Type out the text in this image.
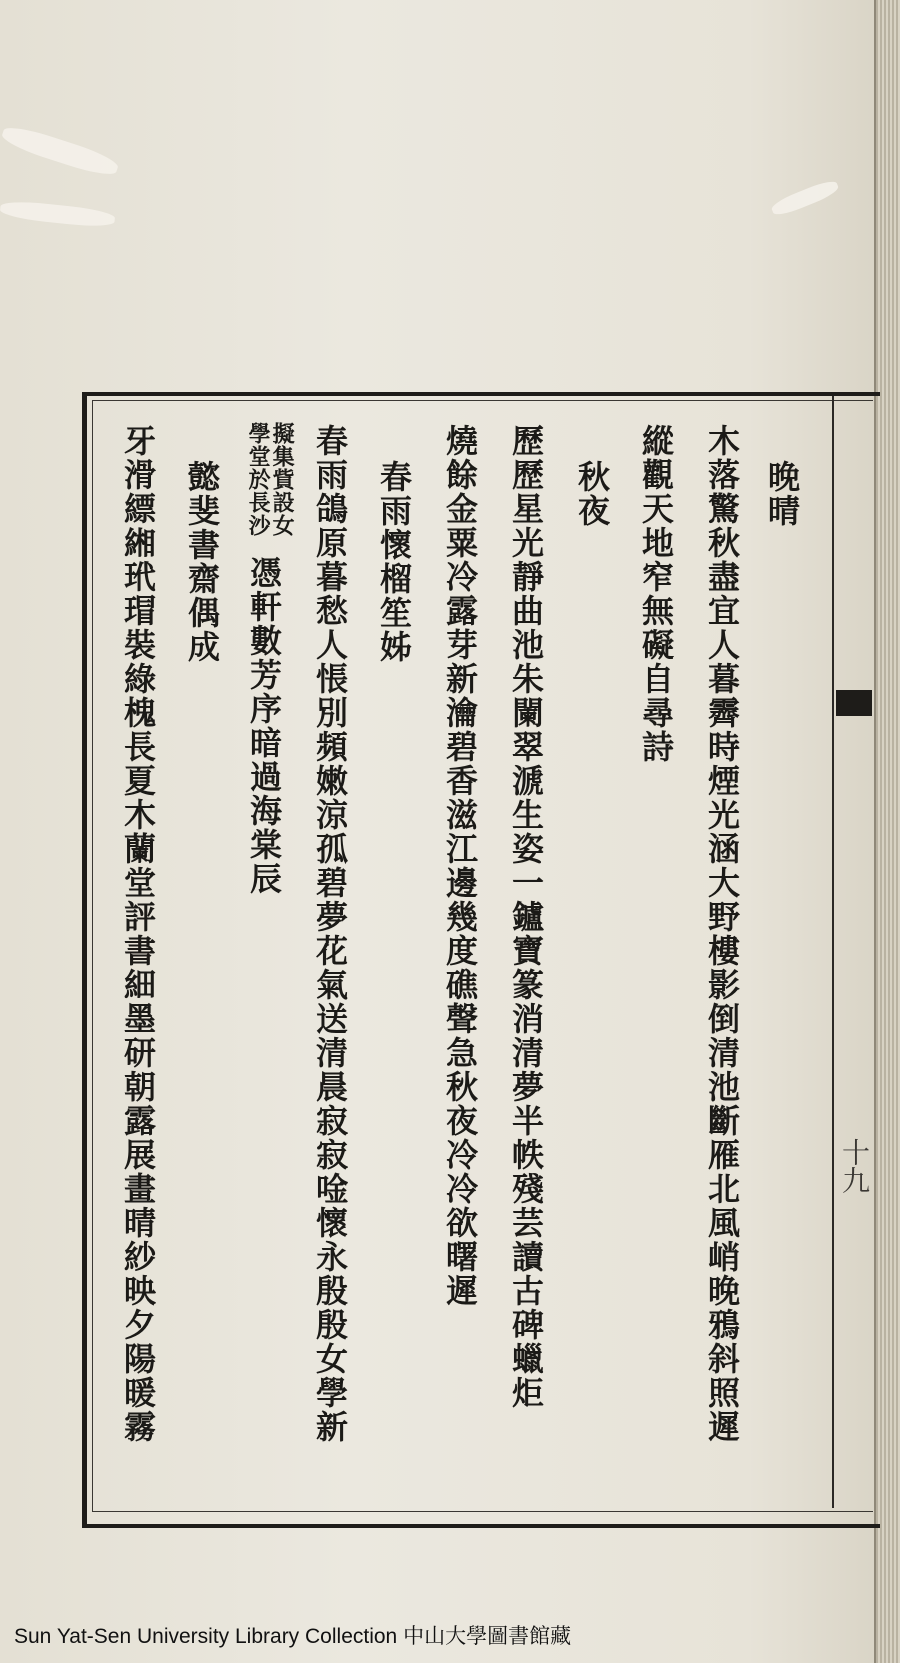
十九
晚晴
木落驚秋盡宜人暮霽時煙光涵大野樓影倒清池斷雁北風峭晚鴉斜照遲
縱觀天地窄無礙自尋詩
秋夜
歷歷星光靜曲池朱闌翠㴲生姿一鑪寶篆消清夢半帙殘芸讀古碑蠟炬
燒餘金粟冷露芽新瀹碧香滋江邊幾度礁聲急秋夜冷冷欲曙遲
春雨懷榴笙姊
春雨鴿原暮愁人悵別頻嫩涼孤碧夢花氣送清晨寂寂唫懷永殷殷女學新
擬集貲設女
學堂於長沙
憑軒數芳序暗過海棠辰
懿斐書齋偶成
牙滑縹緗玳瑁裝綠槐長夏木蘭堂評書細墨研朝露展畫晴紗映夕陽暖霧
Sun Yat-Sen University Library Collection 中山大學圖書館藏
